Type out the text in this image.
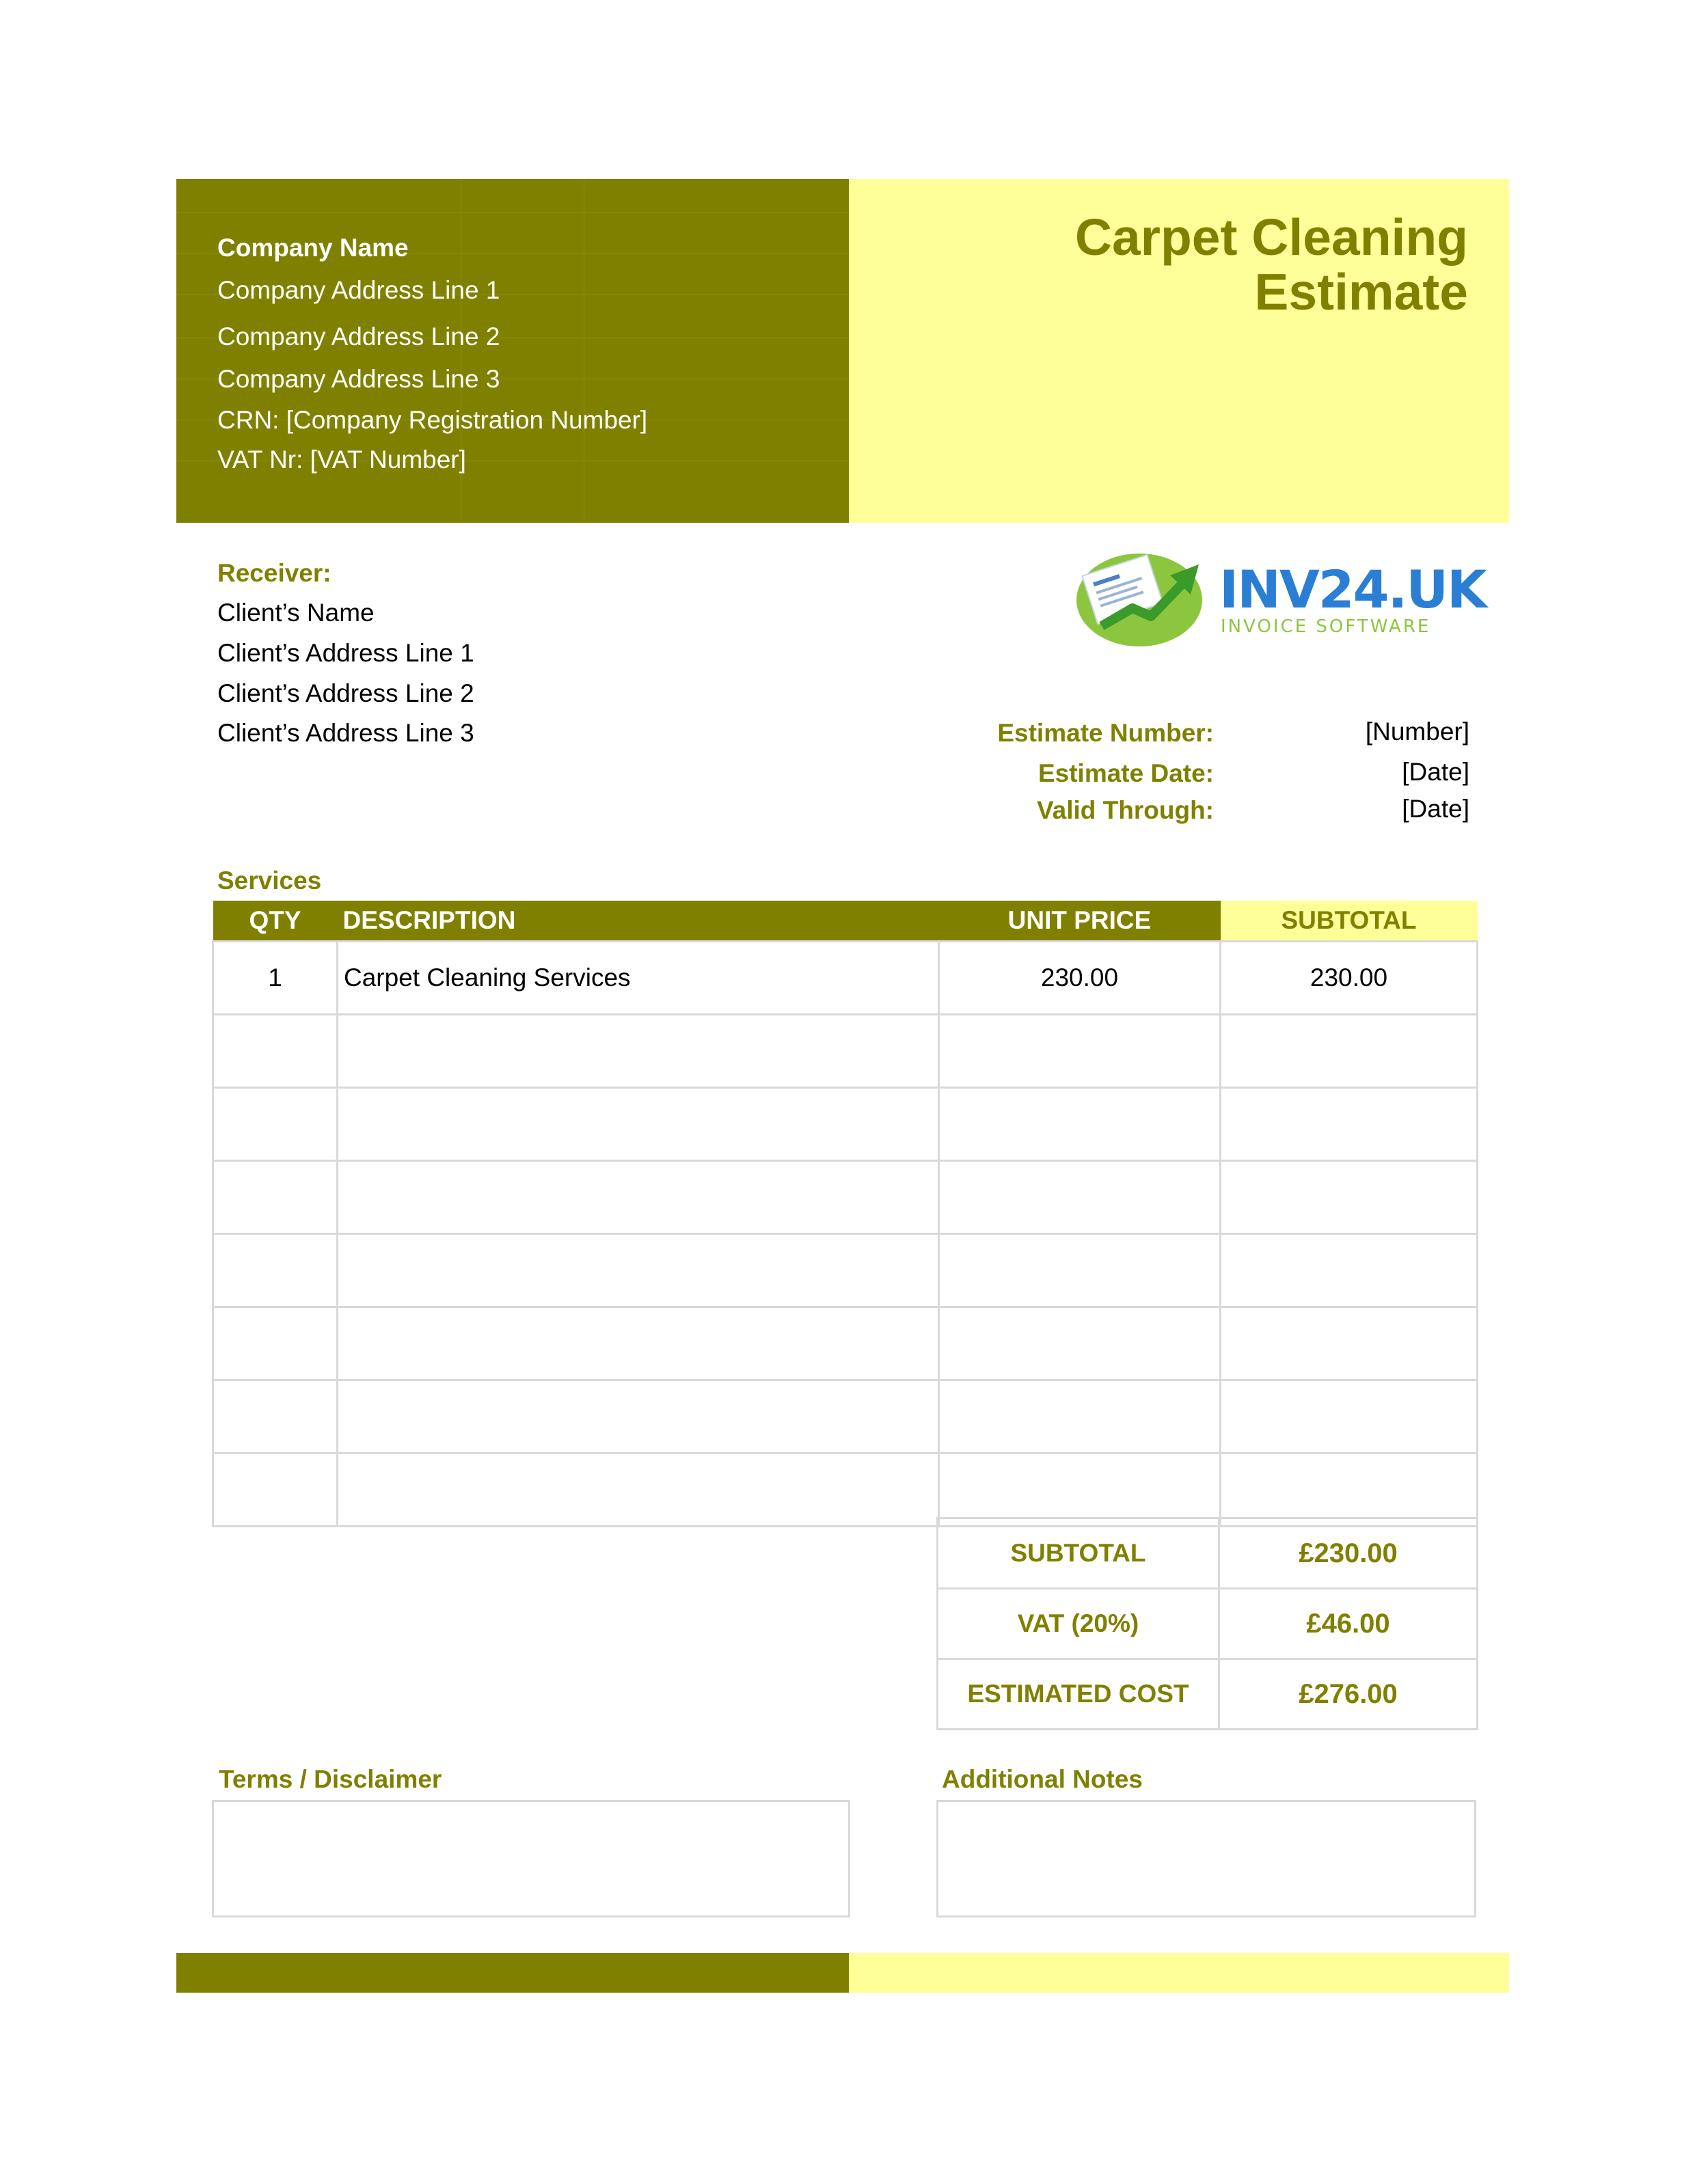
Company Name
Company Address Line 1
Company Address Line 2
Company Address Line 3
CRN: [Company Registration Number]
VAT Nr: [VAT Number]
Carpet Cleaning
Estimate
Receiver:
Client’s Name
Client’s Address Line 1
Client’s Address Line 2
Client’s Address Line 3
INV24.UK
INVOICE SOFTWARE
Estimate Number:	[Number]
Estimate Date:	[Date]
Valid Through:	[Date]
Services
QTY	DESCRIPTION	UNIT PRICE	SUBTOTAL
1	Carpet Cleaning Services	230.00	230.00

SUBTOTAL	£230.00
VAT (20%)	£46.00
ESTIMATED COST	£276.00
Terms / Disclaimer	Additional Notes
